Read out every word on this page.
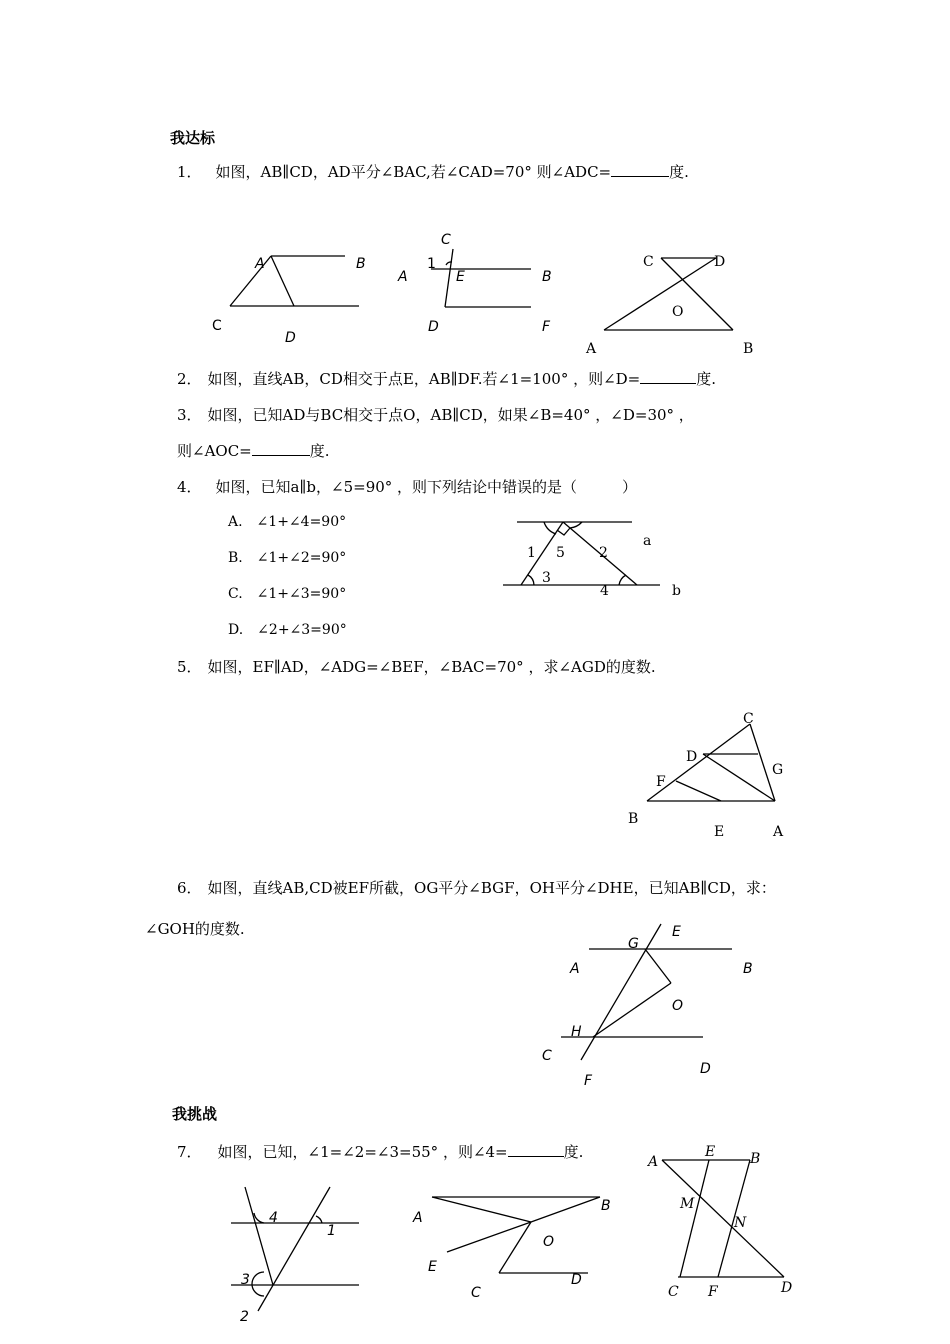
我达标
1． 如图，AB∥CD，AD平分∠BAC,若∠CAD=70° 则∠ADC=	度.
2． 如图，直线AB，CD相交于点E，AB∥DF.若∠1=100° ，则∠D=	度.
3． 如图，已知AD与BC相交于点O，AB∥CD，如果∠B=40° ，∠D=30° ，
则∠AOC=	度.
4． 如图，已知a∥b，∠5=90° ，则下列结论中错误的是（　　　）
A.　∠1+∠4=90°
B.　∠1+∠2=90°
C.　∠1+∠3=90°
D.　∠2+∠3=90°
5． 如图，EF∥AD，∠ADG=∠BEF，∠BAC=70° ，求∠AGD的度数.
6． 如图，直线AB,CD被EF所截，OG平分∠BGF，OH平分∠DHE，已知AB∥CD，求：
∠GOH的度数.
我挑战
7． 如图，已知，∠1=∠2=∠3=55° ，则∠4=	度.
A	B
C
D
C
1
A	E	B
D	F
C	D
O
A	B
1 5 2
3
4
a
b
C
D
G
F
B
E	A
G
E
A	B
O
H
C
D
F
4
1
3
2
A
B
O
E
C
D
A
E B
M
N
C F	D
